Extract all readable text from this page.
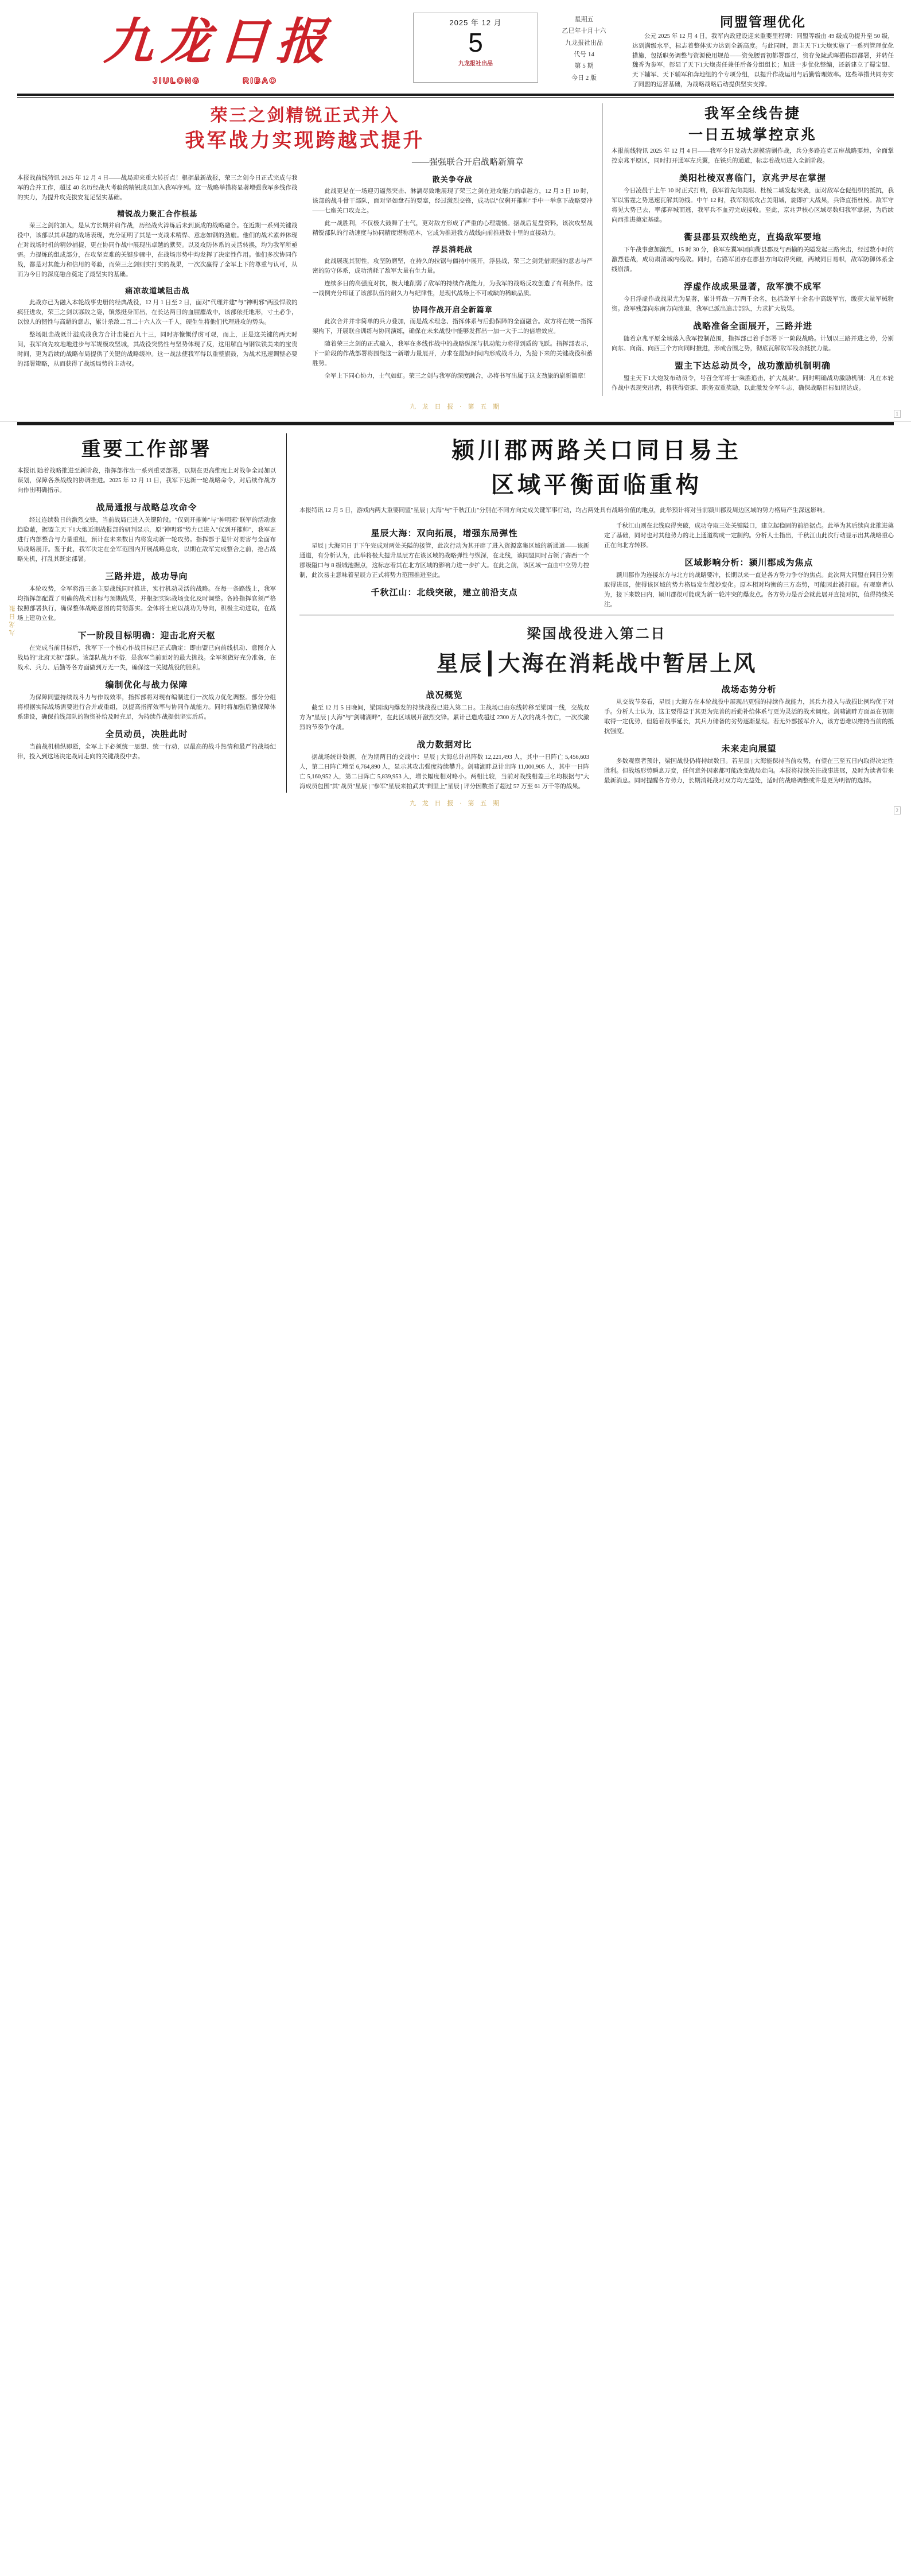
九龙日报
JIULONG	RIBAO
2025 年 12 月
5
九龙报社出品
星期五
乙巳年十月十六
九龙报社出品
代号 14
第 5 期
今日 2 版
同盟管理优化
公元 2025 年 12 月 4 日，我军内政建设迎来重要里程碑：同盟等级由 49 级成功提升至 50 级，达到满级水平，标志着整体实力达到全新高度。与此同时，盟主天下1大炮实施了一系列管理优化措施，包括职务调整与资源使用规范——资免腰晋初都署郡召，资存免陇武晖擢佑郡都署，并转任魏香为参军，彰显了天下1大炮责任兼任后备分组组长；加进一步优化整编，还新建立了蜀宝盟、天下辅军、天下辅军和奔地组的个专项分组，以提升作战运用与后勤管理效率。这些举措共同夯实了同盟的运营基础，为战略战略后动提供坚实支撑。
荣三之剑精锐正式并入
我军战力实现跨越式提升
——强强联合开启战略新篇章

本报战前线特讯 2025 年 12 月 4 日——战局迎来重大转折点！根据最新战报，荣三之剑今日正式完成与我军的合并工作，超过 40 名历经战火考验的精锐成员加入我军序列。这一战略举措将显著增强我军多线作战的实力，为提升攻克拔安复足坚实基础。

精锐战力聚汇合作根基

荣三之剑的加入，是从方长期并肩作战，历经战火淬炼后未到顶成的战略融合。在近期一系列关键战役中，该部以其卓越的战场表现，充分证明了其是一支战术精悍、意志如钢的劲旅。他们的战术素养体现在对战场时机的精妙捕捉，更在协同作战中展现出卓越的默契。以及攻防体系的灵活转换，均为我军所亟需。力提炼的组成部分，在攻坚克难的关键步骤中，在战场形势中均发挥了决定性作用。他们多次协同作战，都是对其能力和信用的考验，而荣三之剑则实打实的战果，一次次赢得了全军上下的尊重与认可，从而为今日的深度融合奠定了最坚实的基础。

痛凉故道域阻击战

此战亦已为融入本轮战事史册的经典战役，12 月 1 日至 2 日，面对"代理并建"与"神明邪"两股悍敌的疯狂进攻，荣三之剑以寡敌之姿，镇然挺身而出，在长达两日的血腥鏖战中，该部依托地形，寸土必争，以惊人的韧性与高超的意志，累计杀敌二百二十六人次一千人，硬生生将他们代理进攻的势头。

整场阻击战既计溢成战我方合计击毙百九十三，同时亦慷慨俘虏可观，而上，正是这关键的两天时间，我军向先攻地地进步与军规模攻坚城，其战役突然性与坚势体现了反，这用解血与钢铁铁美来的宝贵时间，更为后续的战略布局提供了关键的战略缓冲。这一战法使我军得以重整旗鼓，为战术迅速调整必要的部署策略，从而获得了战场局势的主动权。

散关争夺战

此战更是在一场迎刃逼然突击、淋漓尽致地展现了荣三之剑在进攻能力的卓越方，12 月 3 日 10 时，该部的战斗骨干部队，面对坚如盘石的要塞，经过激烈交锋，成功以"仅剩开摧帅"手中一举拿下战略要冲——七座关口攻克之。

此一战胜利，不仅极大鼓舞了士气，更对敌方形成了严重的心理震慑。据战后复盘资料，该次攻坚战精锐部队的行动速度与协同精度堪称范本，它成为推进我方战线向前推进数十里的直接动力。

浮县消耗战

此战展现其韧性，攻坚防磨坚，在持久的拉锯与僵持中展开，浮县战，荣三之剑凭借顽强的意志与严密的防守体系，成功消耗了敌军大量有生力量。

连续多日的高强度对抗，极大地削弱了敌军的持续作战能力，为我军的战略反攻创造了有利条件。这一战例充分印证了该部队伍的耐久力与纪律性，是现代战场上不可或缺的稀缺品质。

协同作战开启全新篇章

此次合并并非简单的兵力叠加，而是战术理念、指挥体系与后勤保障的全面融合。双方将在统一指挥架构下，开展联合训练与协同演练，确保在未来战役中能够发挥出一加一大于二的倍增效应。

随着荣三之剑的正式融入，我军在多线作战中的战略纵深与机动能力将得到质的飞跃。指挥部表示，下一阶段的作战部署将围绕这一新增力量展开，力求在最短时间内形成战斗力，为接下来的关键战役积蓄胜势。

全军上下同心协力，士气如虹。荣三之剑与我军的深度融合，必将书写出属于这支劲旅的崭新篇章！

我军全线告捷
一日五城掌控京兆

本报前线特讯 2025 年 12 月 4 日——我军今日发动大规模清剿作战，兵分多路连克五座战略要地，全面掌控京兆平原区，同时打开通军左兵翼，在铁兵的通道，标志着战局进入全新阶段。

美阳杜棱双喜临门，京兆尹尽在掌握

今日凌晨于上午 10 时正式打响，我军首先向美阳、杜棱二城发起突袭，面对敌军仓促组织的抵抗，我军以雷霆之势迅速瓦解其防线。中午 12 时，我军彻底攻占美阳城，旋即扩大战果，兵锋直指杜棱。敌军守将见大势已去，率部弃城而逃，我军兵不血刃完成接收。至此，京兆尹核心区域尽数归我军掌握，为后续向西推进奠定基础。

衢县郡县双线绝克，直捣敌军要地

下午战事愈加激烈，15 时 30 分，我军左翼军团向衢县郡及与西榆的关隘发起三路突击，经过数小时的激烈巷战，成功肃清城内残敌。同时，右路军团亦在郡县方向取得突破，两城同日易帜，敌军防御体系全线崩溃。

浮虚作战成果显著，敌军溃不成军

今日浮虚作战战果尤为显著，累计歼敌一万两千余名，包括敌军十余名中高级军官，缴获大量军械物资。敌军残部向东南方向溃退，我军已派出追击部队，力求扩大战果。

战略准备全面展开，三路并进

随着京兆平原全域落入我军控制范围，指挥部已着手部署下一阶段战略。计划以三路并进之势，分别向东、向南、向西三个方向同时推进，形成合围之势，彻底瓦解敌军残余抵抗力量。

盟主下达总动员令，战功激励机制明确

盟主天下1大炮发布动员令，号召全军将士"乘胜追击，扩大战果"。同时明确战功激励机制：凡在本轮作战中表现突出者，将获得资源、职务双重奖励，以此激发全军斗志，确保战略目标如期达成。

九 龙 日 报 · 第 五 期
1
九龙日报
重要工作部署

本报讯 随着战略推进至新阶段，指挥部作出一系列重要部署，以期在更高维度上对战争全局加以谋划，保障各条战线的协调推进。2025 年 12 月 11 日，我军下达新一轮战略命令，对后续作战方向作出明确指示。

战局通报与战略总攻命令

经过连续数日的激烈交锋，当前战局已进入关键阶段。"仅到开摧帅"与"神明邪"联军的活动愈趋隐蔽，据盟主天下1大炮近期战报部的研判显示，原"神明邪"势力已进入"仅到开摧帅"，我军正进行内部整合与力量重组，预计在未来数日内将发动新一轮攻势。指挥部于是针对要害与全面布局战略展开。鉴于此，我军决定在全军范围内开展战略总攻，以期在敌军完成整合之前，抢占战略先机，打乱其既定部署。

三路并进，战功导向

本轮攻势，全军将沿三条主要战线同时推进，实行机动灵活的战略。在每一条路线上，我军均指挥部配置了明确的战术目标与预期战果，并根据实际战场变化及时调整。各路指挥官须严格按照部署执行，确保整体战略意图的贯彻落实。全体将士应以战功为导向，积极主动进取，在战场上建功立业。

下一阶段目标明确：迎击北府天枢

在完成当前目标后，我军下一个核心作战目标已正式确定：即由盟已向前线机动、意图介入战局的"北府天枢"部队。该部队战力不俗，是我军当前面对的最大挑战。全军须做好充分准备，在战术、兵力、后勤等各方面做到万无一失，确保这一关键战役的胜利。

编制优化与战力保障

为保障同盟持续战斗力与作战效率，指挥部将对现有编制进行一次战力优化调整。部分分组将根据实际战场需要进行合并或重组，以提高指挥效率与协同作战能力。同时将加强后勤保障体系建设，确保前线部队的物资补给及时充足，为持续作战提供坚实后盾。

全员动员，决胜此时

当前战机稍纵即逝，全军上下必须统一思想、统一行动，以最高的战斗热情和最严的战场纪律，投入到这场决定战局走向的关键战役中去。

颍川郡两路关口同日易主
区域平衡面临重构

本报特讯 12 月 5 日，游戏内两大重要同盟"星辰 | 大海"与"千秋江山"分别在不同方向完成关键军事行动，均占两处具有战略价值的地点，此举预计将对当前颍川郡及周边区域的势力格局产生深远影响。

星辰大海：双向拓展，增强东局弹性

星辰 | 大海同日于下午完成对两处关隘的接管，此次行动为其开辟了进入资源富集区域的新通道——该新通道，有分析认为，此举将极大提升星辰方在该区域的战略弹性与纵深，在北线，该同盟同时占领了赛西一个郡级隘口与 8 级城池据点，这标志着其在北方区域的影响力进一步扩大。在此之前，该区域一直由中立势力控制，此次易主意味着星辰方正式将势力范围推进至此。

千秋江山：北线突破，建立前沿支点

千秋江山则在北线取得突破，成功夺取三处关键隘口，建立起稳固的前沿据点。此举为其后续向北推进奠定了基础，同时也对其他势力的北上通道构成一定制约。分析人士指出，千秋江山此次行动显示出其战略重心正在向北方转移。

区域影响分析：颍川郡成为焦点

颍川郡作为连接东方与北方的战略要冲，长期以来一直是各方势力争夺的焦点。此次两大同盟在同日分别取得进展，使得该区域的势力格局发生微妙变化。原本相对均衡的三方态势，可能因此被打破。有观察者认为，接下来数日内，颍川郡很可能成为新一轮冲突的爆发点。各方势力是否会就此展开直接对抗，值得持续关注。

梁国战役进入第二日
星辰┃大海在消耗战中暂居上风
战况概览

截至 12 月 5 日晚间，梁国域内爆发的持续战役已进入第二日。主战场已由东线转移至梁国一线，交战双方为"星辰 | 大海"与"剑啸湖畔"，在此区域展开激烈交锋。累计已造成超过 2300 万人次的战斗伤亡，一次次激烈的节奏争夺战。

战力数据对比

据战场统计数据，在为期两日的交战中：星辰 | 大海总计出阵数 12,221,493 人，其中一日阵亡 5,456,603 人，第二日阵亡增至 6,764,890 人，显示其攻击强度持续攀升。剑啸湖畔总计出阵 11,000,905 人，其中一日阵亡 5,160,952 人，第二日阵亡 5,839,953 人，增长幅度相对略小。两相比较，当前对战线相差三名均根据与"大海成员包围"其"战员"星辰 | "参军"星辰来拍武其"剩里上"星辰 | 评分因数指了超过 57 万至 61 万千等的战果。

战场态势分析

从交战节奏看，星辰 | 大海方在本轮战役中展现出更强的持续作战能力，其兵力投入与战损比例均优于对手。分析人士认为，这主要得益于其更为完善的后勤补给体系与更为灵活的战术调度。剑啸湖畔方面虽在初期取得一定优势，但随着战事延长，其兵力储备的劣势逐渐显现。若无外部援军介入，该方恐难以维持当前的抵抗强度。

未来走向展望

多数观察者预计，梁国战役仍将持续数日。若星辰 | 大海能保持当前攻势，有望在三至五日内取得决定性胜利。但战场形势瞬息万变，任何意外因素都可能改变战局走向。本报将持续关注战事进展，及时为读者带来最新消息。同时提醒各方势力，长期消耗战对双方均无益处，适时的战略调整或许是更为明智的选择。

九 龙 日 报 · 第 五 期
2
